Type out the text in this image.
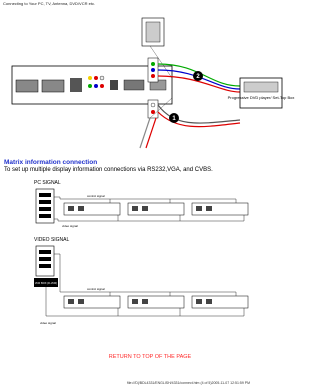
Connecting to Your PC, TV, Antenna, DVD/VCR etc.
Progressive DVD player/ Set-Top Box
2
1
Matrix information connection
To set up multiple display information connections via RS232,VGA, and CVBS.
PC SIGNAL
control signal
video signal
VIDEO SIGNAL
VCR BOX (D-VCR)
control signal
video signal
RETURN TO TOP OF THE PAGE
file:///D|/BDL4331/ENGLISH/4331/connect.htm (4 of 5)2005-11-07 12:51:59 PM
